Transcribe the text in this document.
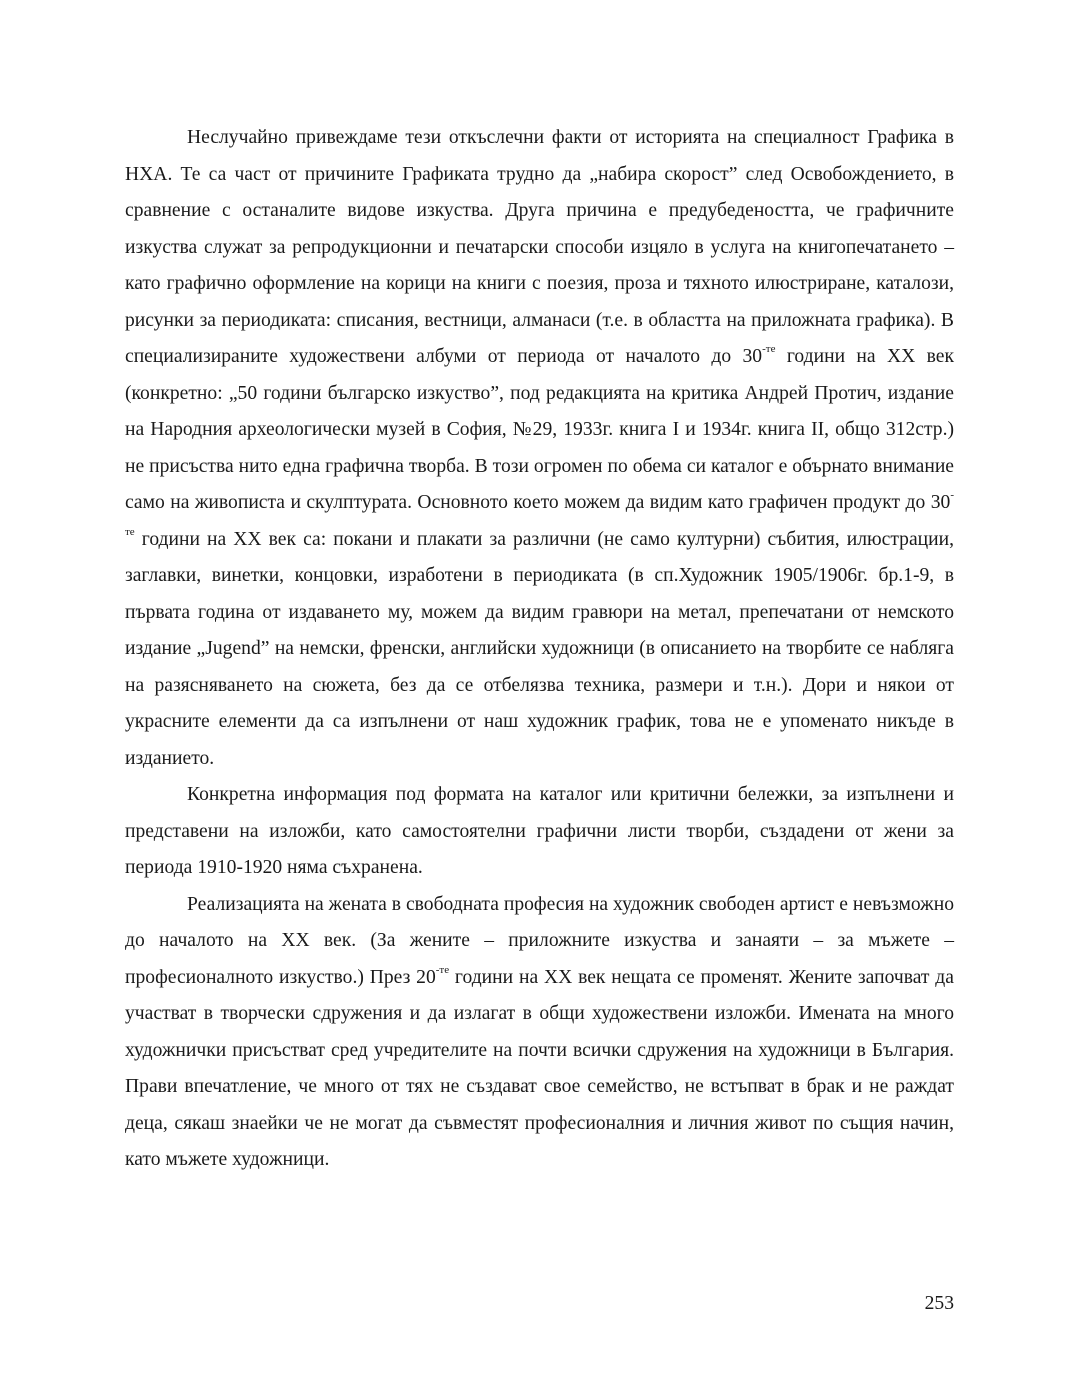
Неслучайно привеждаме тези откъслечни факти от историята на специалност Графика в НХА. Те са част от причините Графиката трудно да „набира скорост” след Освобождението, в сравнение с останалите видове изкуства. Друга причина е предубедеността, че графичните изкуства служат за репродукционни и печатарски способи изцяло в услуга на книгопечатането – като графично оформление на корици на книги с поезия, проза и тяхното илюстриране, каталози, рисунки за периодиката: списания, вестници, алманаси (т.е. в областта на приложната графика). В специализираните художествени албуми от периода от началото до $30^{-те}$ години на XX век (конкретно: „50 години българско изкуство”, под редакцията на критика Андрей Протич, издание на Народния археологически музей в София, №29, 1933г. книга I и 1934г. книга II, общо 312стр.) не присъства нито една графична творба. В този огромен по обема си каталог е обърнато внимание само на живописта и скулптурата. Основното което можем да видим като графичен продукт до $30^{-те}$ години на XX век са: покани и плакати за различни (не само културни) събития, илюстрации, заглавки, винетки, концовки, изработени в периодиката (в сп.Художник 1905/1906г. бр.1-9, в първата година от издаването му, можем да видим гравюри на метал, препечатани от немското издание „Jugend” на немски, френски, английски художници (в описанието на творбите се набляга на разясняването на сюжета, без да се отбелязва техника, размери и т.н.). Дори и някои от украсните елементи да са изпълнени от наш художник график, това не е упоменато никъде в изданието.

Конкретна информация под формата на каталог или критични бележки, за изпълнени и представени на изложби, като самостоятелни графични листи творби, създадени от жени за периода 1910-1920 няма съхранена.

Реализацията на жената в свободната професия на художник свободен артист е невъзможно до началото на XX век. (За жените – приложните изкуства и занаяти – за мъжете – професионалното изкуство.) През $20^{-те}$ години на XX век нещата се променят. Жените започват да участват в творчески сдружения и да излагат в общи художествени изложби. Имената на много художнички присъстват сред учредителите на почти всички сдружения на художници в България. Прави впечатление, че много от тях не създават свое семейство, не встъпват в брак и не раждат деца, сякаш знаейки че не могат да съвместят професионалния и личния живот по същия начин, като мъжете художници.

253
